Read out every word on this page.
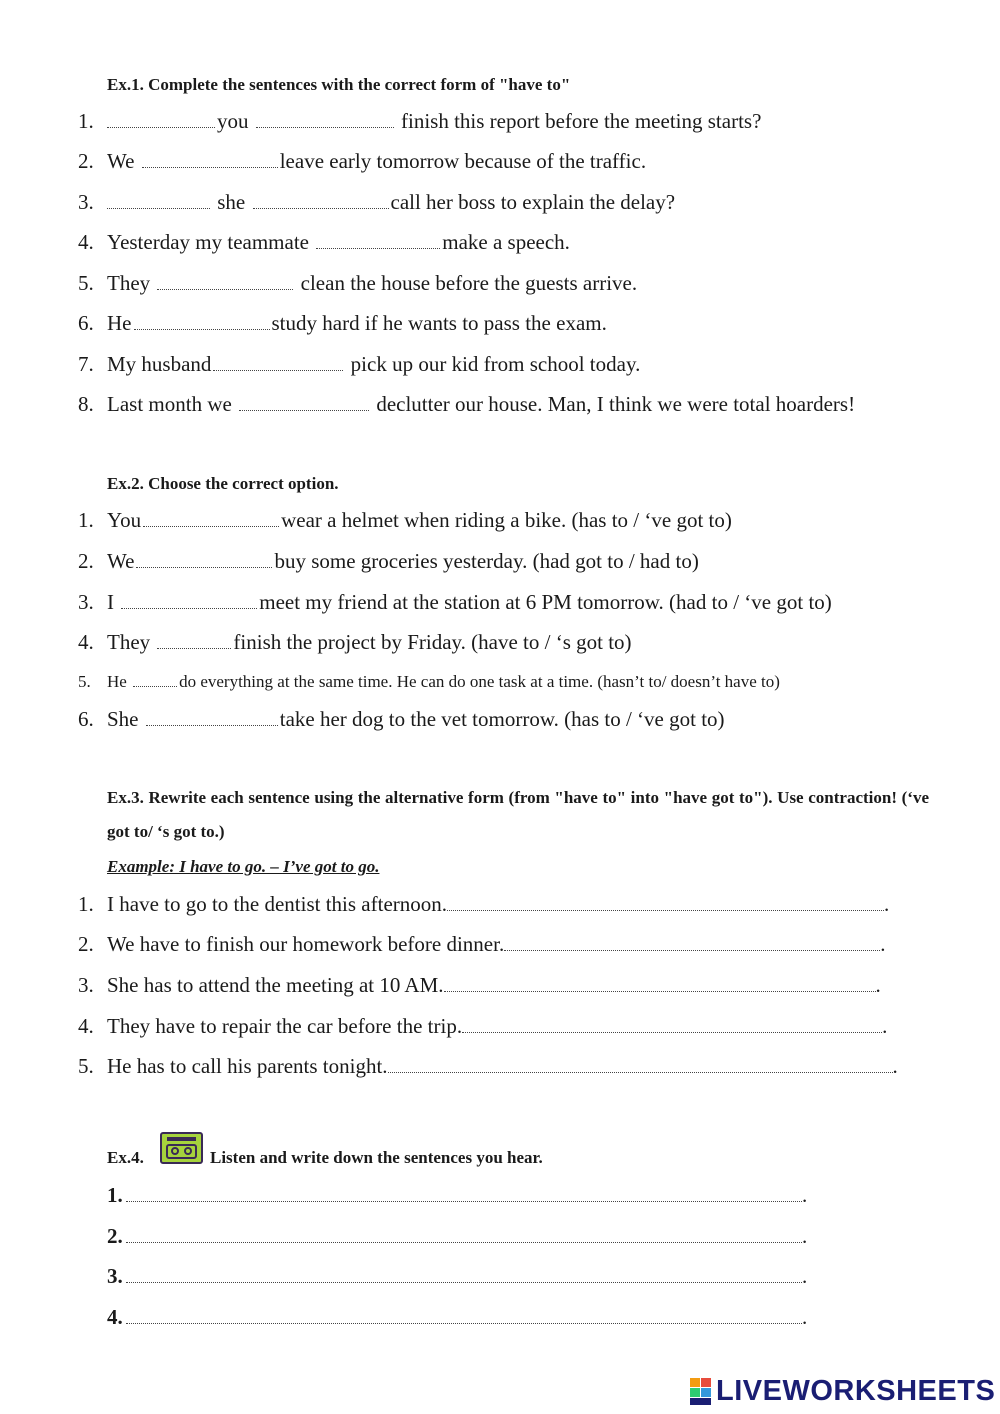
Ex.1. Complete the sentences with the correct form of "have to"
1.	you	finish this report before the meeting starts?
2. We	leave early tomorrow because of the traffic.
3.	she	call her boss to explain the delay?
4. Yesterday my teammate	make a speech.
5. They	clean the house before the guests arrive.
6. He	study hard if he wants to pass the exam.
7. My husband	pick up our kid from school today.
8. Last month we	declutter our house. Man, I think we were total hoarders!
Ex.2. Choose the correct option.
1. You	wear a helmet when riding a bike. (has to / ‘ve got to)
2. We	buy some groceries yesterday. (had got to / had to)
3. I	meet my friend at the station at 6 PM tomorrow. (had to / ‘ve got to)
4. They	finish the project by Friday. (have to / ‘s got to)
5. He	do everything at the same time. He can do one task at a time. (hasn’t to/ doesn’t have to)
6. She	take her dog to the vet tomorrow. (has to / ‘ve got to)
Ex.3. Rewrite each sentence using the alternative form (from "have to" into "have got to"). Use contraction! (‘ve got to/ ‘s got to.)
Example: I have to go. – I’ve got to go.
1. I have to go to the dentist this afternoon.	.
2. We have to finish our homework before dinner.	.
3. She has to attend the meeting at 10 AM.	.
4. They have to repair the car before the trip.	.
5. He has to call his parents tonight.	.
Ex.4.	Listen and write down the sentences you hear.
1.	.
2.	.
3.	.
4.	.
LIVEWORKSHEETS
